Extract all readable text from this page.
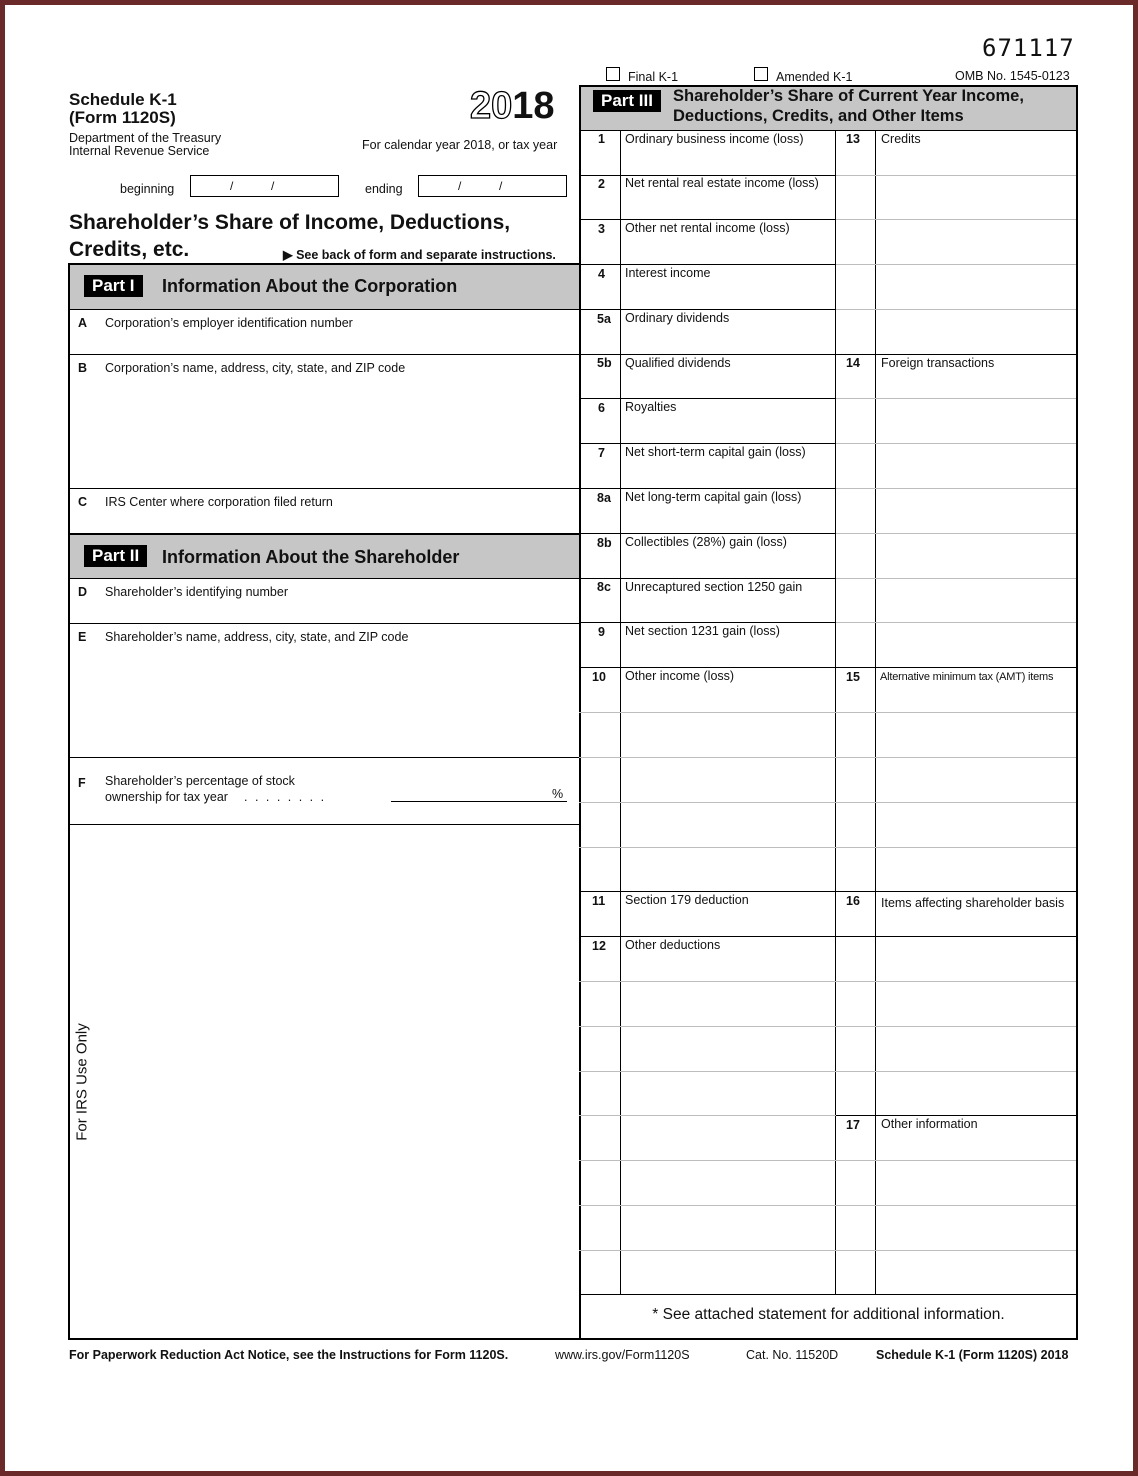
671117
Final K-1	Amended K-1	OMB No. 1545-0123
Schedule K-1
(Form 1120S)	2018
Department of the Treasury
Internal Revenue Service	For calendar year 2018, or tax year
beginning	/	/	ending	/	/
Shareholder’s Share of Income, Deductions,
Credits, etc.	▶ See back of form and separate instructions.
Part I	Information About the Corporation
A Corporation’s employer identification number
B Corporation’s name, address, city, state, and ZIP code
C IRS Center where corporation filed return
Part II	Information About the Shareholder
D Shareholder’s identifying number
E Shareholder’s name, address, city, state, and ZIP code
F Shareholder’s percentage of stock
ownership for tax year . . . . . . . .	%
For IRS Use Only
Part III	Shareholder’s Share of Current Year Income,
Deductions, Credits, and Other Items
1 Ordinary business income (loss)
2 Net rental real estate income (loss)
3 Other net rental income (loss)
4 Interest income
5a Ordinary dividends
5b Qualified dividends
6 Royalties
7 Net short-term capital gain (loss)
8a Net long-term capital gain (loss)
8b Collectibles (28%) gain (loss)
8c Unrecaptured section 1250 gain
9 Net section 1231 gain (loss)
10 Other income (loss)
11 Section 179 deduction
12 Other deductions
13 Credits
14 Foreign transactions
15 Alternative minimum tax (AMT) items
16 Items affecting shareholder basis
17 Other information
* See attached statement for additional information.
For Paperwork Reduction Act Notice, see the Instructions for Form 1120S.	www.irs.gov/Form1120S	Cat. No. 11520D	Schedule K-1 (Form 1120S) 2018
